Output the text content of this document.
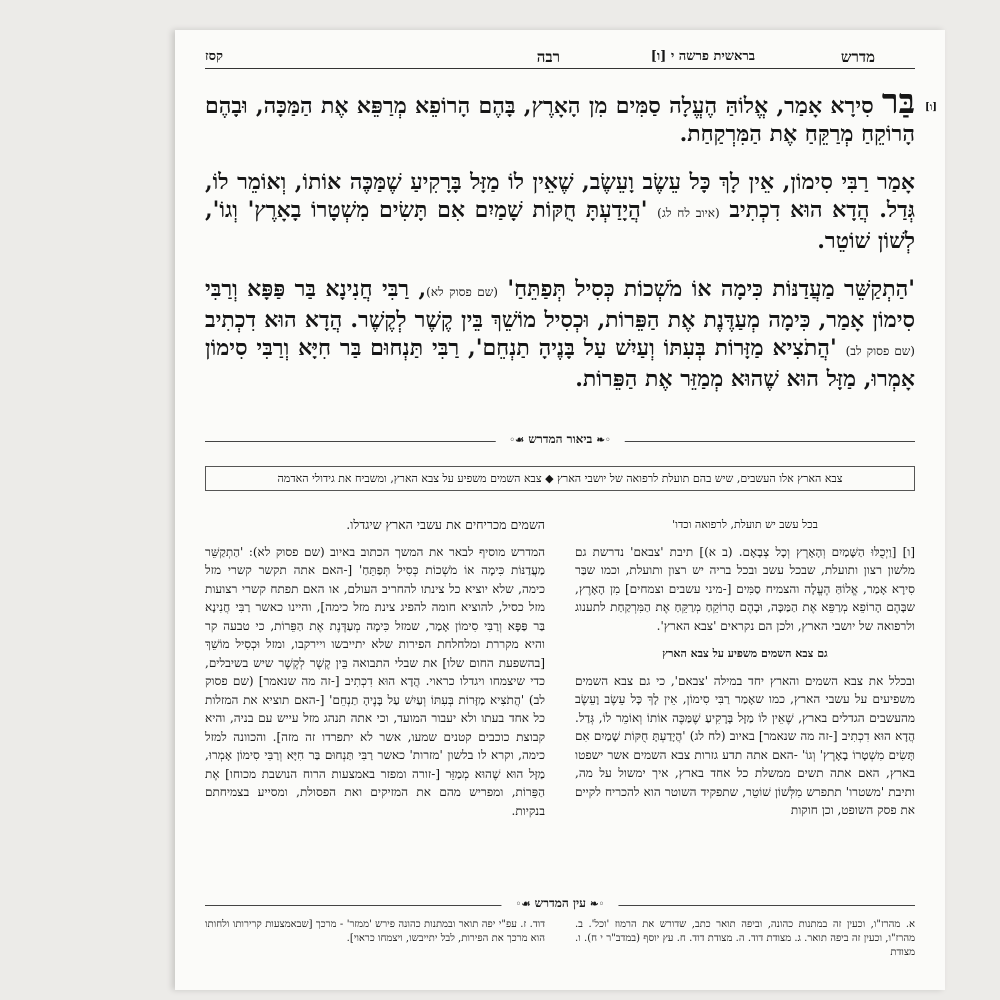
מדרש
בראשית פרשה י [ו]
רבה
קסז

[ו]
בַּר סִירָא אָמַר, אֱלוֹהַּ הֶעֱלָה סַמִּים מִן הָאָרֶץ, בָּהֶם הָרוֹפֵא מְרַפֵּא אֶת הַמַּכָּה, וּבָהֶם הָרוֹקֵחַ מְרַקֵּחַ אֶת הַמִּרְקַחַת.

אָמַר רַבִּי סִימוֹן, אֵין לָךְ כָּל עֵשֶׂב וָעֵשֶׂב, שֶׁאֵין לוֹ מַזָּל בָּרָקִיעַ שֶׁמַּכֶּה אוֹתוֹ, וְאוֹמֵר לוֹ, גְּדַל. הֲדָא הוּא דִכְתִיב (איוב לח לג) 'הֲיָדַעְתָּ חֻקּוֹת שָׁמַיִם אִם תָּשִׂים מִשְׁטָרוֹ בָאָרֶץ' וְגוֹ', לְשׁוֹן שׁוֹטֵר.

'הַתְקַשֵּׁר מַעֲדַנּוֹת כִּימָה אוֹ מֹשְׁכוֹת כְּסִיל תְּפַתֵּחַ' (שם פסוק לא), רַבִּי חֲנִינָא בַּר פַּפָּא וְרַבִּי סִימוֹן אָמַר, כִּימָה מְעַדֶּנֶת אֶת הַפֵּרוֹת, וּכְסִיל מוֹשֵׁךְ בֵּין קֶשֶׁר לְקֶשֶׁר. הֲדָא הוּא דִכְתִיב (שם פסוק לב) 'הֲתֹצִיא מַזָּרוֹת בְּעִתּוֹ וְעַיִשׁ עַל בָּנֶיהָ תַנְחֵם', רַבִּי תַּנְחוּם בַּר חִיָּא וְרַבִּי סִימוֹן אָמְרוּ, מַזָּל הוּא שֶׁהוּא מְמַזֵּר אֶת הַפֵּרוֹת.

◦❧ ביאור המדרש ☙◦
צבא הארץ אלו העשבים, שיש בהם תועלת לרפואה של יושבי הארץ ◆ צבא השמים משפיע על צבא הארץ, ומשביח את גידולי האדמה

בכל עשב יש תועלת, לרפואה וכדו'

[ו] [וַיְכֻלּוּ הַשָּׁמַיִם וְהָאָרֶץ וְכָל צְבָאָם. (ב א)] תיבת 'צבאם' נדרשת גם מלשון רצון ותועלת, שבכל עשב ובכל בריה יש רצון ותועלת, וכמו שבַּר סִירָא אָמַר, אֱלוֹהַּ הֶעֱלָה והצמיח סַמִּים [-מיני עשבים וצמחים] מִן הָאָרֶץ, שבָּהֶם הָרוֹפֵא מְרַפֵּא אֶת הַמַּכָּה, וּבָהֶם הָרוֹקֵחַ מְרַקֵּחַ אֶת הַמִּרְקַחַת לתענוג ולרפואה של יושבי הארץ, ולכן הם נקראים 'צבא הארץ'.

גם צבא השמים משפיע על צבא הארץ

ובכלל את צבא השמים והארץ יחד במילה 'צבאם', כי גם צבא השמים משפיעים על עשבי הארץ, כמו שאָמַר רַבִּי סִימוֹן, אֵין לָךְ כָּל עֵשֶׂב וָעֵשֶׂב מהעשבים הגדלים בארץ, שֶׁאֵין לוֹ מַזָּל בָּרָקִיעַ שֶׁמַּכֶּה אוֹתוֹ וְאוֹמֵר לוֹ, גְּדַל. הֲדָא הוּא דִכְתִיב [-זה מה שנאמר] באיוב (לח לג) 'הֲיָדַעְתָּ חֻקּוֹת שָׁמַיִם אִם תָּשִׂים מִשְׁטָרוֹ בָאָרֶץ' וְגוֹ' -האם אתה תדע גזרות צבא השמים אשר ישפטו בארץ, האם אתה תשים ממשלת כל אחד בארץ, איך ימשול על מה, ותיבת 'משטרו' תתפרש מִלְּשׁוֹן שׁוֹטֵר, שתפקיד השוטר הוא להכריח לקיים את פסק השופט, וכן חוקות

השמים מכריחים את עשבי הארץ שיגדלו.

המדרש מוסיף לבאר את המשך הכתוב באיוב (שם פסוק לא): 'הַתְקַשֵּׁר מַעֲדַנּוֹת כִּימָה אוֹ מֹשְׁכוֹת כְּסִיל תְּפַתֵּחַ' [-האם אתה תקשר קשרי מזל כימה, שלא יוציא כל צינתו להחריב העולם, או האם תפתח קשרי רצועות מזל כסיל, להוציא חומה להפיג צינת מזל כימה], והיינו כאשר רַבִּי חֲנִינָא בַּר פַּפָּא וְרַבִּי סִימוֹן אָמַר, שמזל כִּימָה מְעַדֶּנֶת אֶת הַפֵּרוֹת, כי טבעה קר והיא מקררת ומלחלחת הפירות שלא יתייבשו ויירקבו, ומזל וּכְסִיל מוֹשֵׁךְ [בהשפעת החום שלו] את שבלי התבואה בֵּין קֶשֶׁר לְקֶשֶׁר שיש בשיבלים, כדי שיצמחו ויגדלו כראוי. הֲדָא הוּא דִכְתִיב [-זה מה שנאמר] (שם פסוק לב) 'הֲתֹצִיא מַזָּרוֹת בְּעִתּוֹ וְעַיִשׁ עַל בָּנֶיהָ תַנְחֵם' [-האם תוציא את המזלות כל אחד בעתו ולא יעבור המועד, וכי אתה תנהג מזל עייש עם בניה, והיא קבוצת כוכבים קטנים שמעו, אשר לא יתפרדו זה מזה]. והכוונה למזל כימה, וקרא לו בלשון 'מזרות' כאשר רַבִּי תַּנְחוּם בַּר חִיָּא וְרַבִּי סִימוֹן אָמְרוּ, מַזָּל הוּא שֶׁהוּא מְמַזֵּר [-זורה ומפזר באמצעות הרוח הנושבת מכוחו] אֶת הַפֵּרוֹת, ומפריש מהם את המזיקים ואת הפסולת, ומסייע בצמיחתם בנקיות.

◦❧ עין המדרש ☙◦
א. מהרז"ו, וכעין זה במתנות כהונה, וביפה תואר כתב, שדורש את הרמוז 'וכל'. ב. מהרז"ו, וכעין זה ביפה תואר. ג. מצודת דוד. ה. מצודת דוד. ח. עץ יוסף (במדב"ר י ח). ו. מצודת
דוד. ז. עפ"י יפה תואר ובמתנות כהונה פירש 'ממזר' - מרכך [שבאמצעות קרירותו ולחותו הוא מרכך את הפירות, לבל יתייבשו, ויצמחו כראוי].
